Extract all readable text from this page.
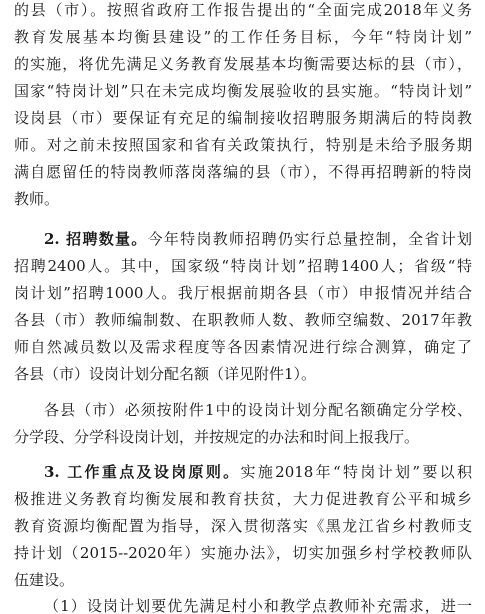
的县（市）。按照省政府工作报告提出的“全面完成2018年义务
教育发展基本均衡县建设”的工作任务目标，今年“特岗计划”
的实施，将优先满足义务教育发展基本均衡需要达标的县（市），
国家“特岗计划”只在未完成均衡发展验收的县实施。“特岗计划”
设岗县（市）要保证有充足的编制接收招聘服务期满后的特岗教
师。对之前未按照国家和省有关政策执行，特别是未给予服务期
满自愿留任的特岗教师落岗落编的县（市），不得再招聘新的特岗
教师。
2. 招聘数量。今年特岗教师招聘仍实行总量控制，全省计划
招聘2400人。其中，国家级“特岗计划”招聘1400人；省级“特
岗计划”招聘1000人。我厅根据前期各县（市）申报情况并结合
各县（市）教师编制数、在职教师人数、教师空编数、2017年教
师自然减员数以及需求程度等各因素情况进行综合测算，确定了
各县（市）设岗计划分配名额（详见附件1）。
各县（市）必须按附件1中的设岗计划分配名额确定分学校、
分学段、分学科设岗计划，并按规定的办法和时间上报我厅。
3. 工作重点及设岗原则。实施2018年“特岗计划”要以积
极推进义务教育均衡发展和教育扶贫，大力促进教育公平和城乡
教育资源均衡配置为指导，深入贯彻落实《黑龙江省乡村教师支
持计划（2015--2020年）实施办法》，切实加强乡村学校教师队
伍建设。
（1）设岗计划要优先满足村小和教学点教师补充需求，进一
